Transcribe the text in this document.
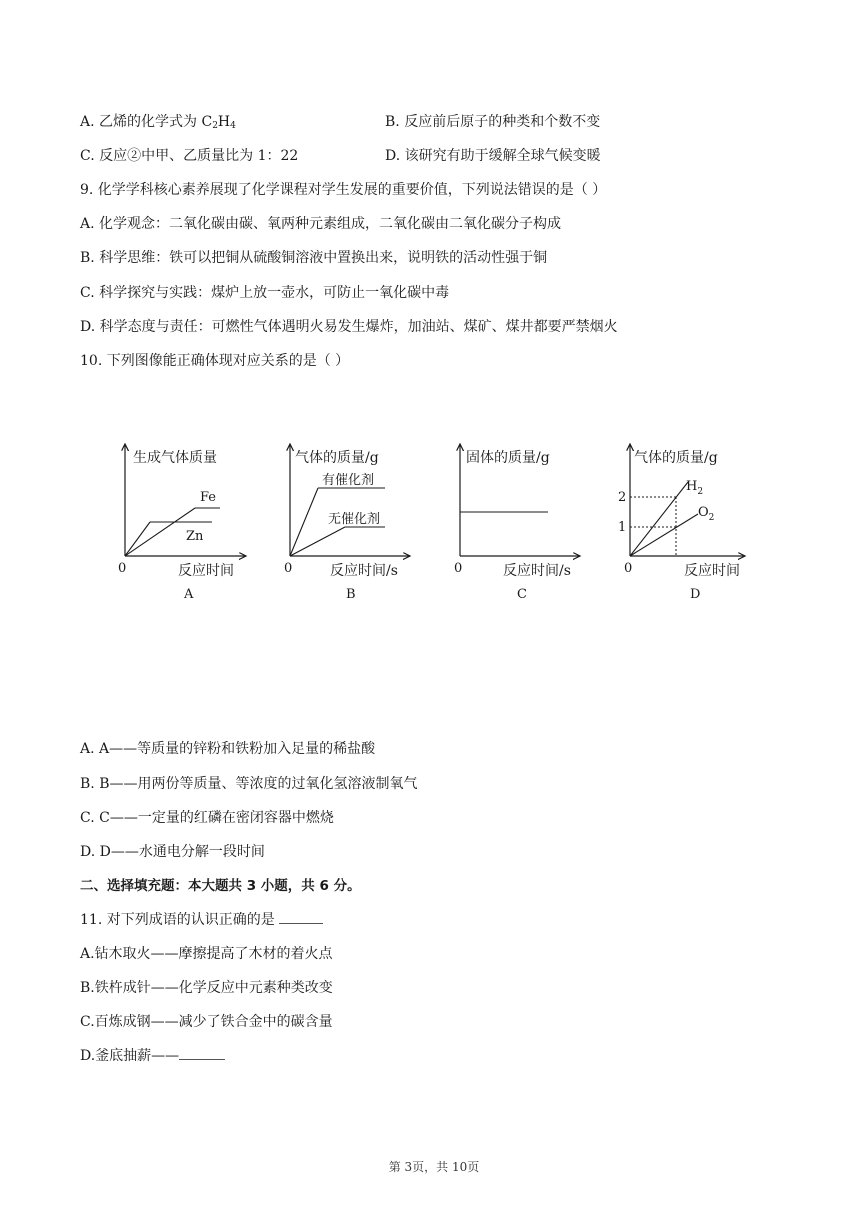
A. 乙烯的化学式为 $C_2H_4$	B. 反应前后原子的种类和个数不变
C. 反应②中甲、乙质量比为 1：22	D. 该研究有助于缓解全球气候变暖
9. 化学学科核心素养展现了化学课程对学生发展的重要价值，下列说法错误的是（ ）
A. 化学观念：二氧化碳由碳、氧两种元素组成，二氧化碳由二氧化碳分子构成
B. 科学思维：铁可以把铜从硫酸铜溶液中置换出来，说明铁的活动性强于铜
C. 科学探究与实践：煤炉上放一壶水，可防止一氧化碳中毒
D. 科学态度与责任：可燃性气体遇明火易发生爆炸，加油站、煤矿、煤井都要严禁烟火
10. 下列图像能正确体现对应关系的是（ ）
生成气体质量
Fe
Zn
0	反应时间
A
气体的质量/g
有催化剂
无催化剂
0	反应时间/s
B
固体的质量/g
0	反应时间/s
C
气体的质量/g
2
1
$H_2$
$O_2$
0	反应时间
D
A. A——等质量的锌粉和铁粉加入足量的稀盐酸
B. B——用两份等质量、等浓度的过氧化氢溶液制氧气
C. C——一定量的红磷在密闭容器中燃烧
D. D——水通电分解一段时间
二、选择填充题：本大题共 3 小题，共 6 分。
11. 对下列成语的认识正确的是
A.钻木取火——摩擦提高了木材的着火点
B.铁杵成针——化学反应中元素种类改变
C.百炼成钢——减少了铁合金中的碳含量
D.釜底抽薪——
第 3页，共 10页
